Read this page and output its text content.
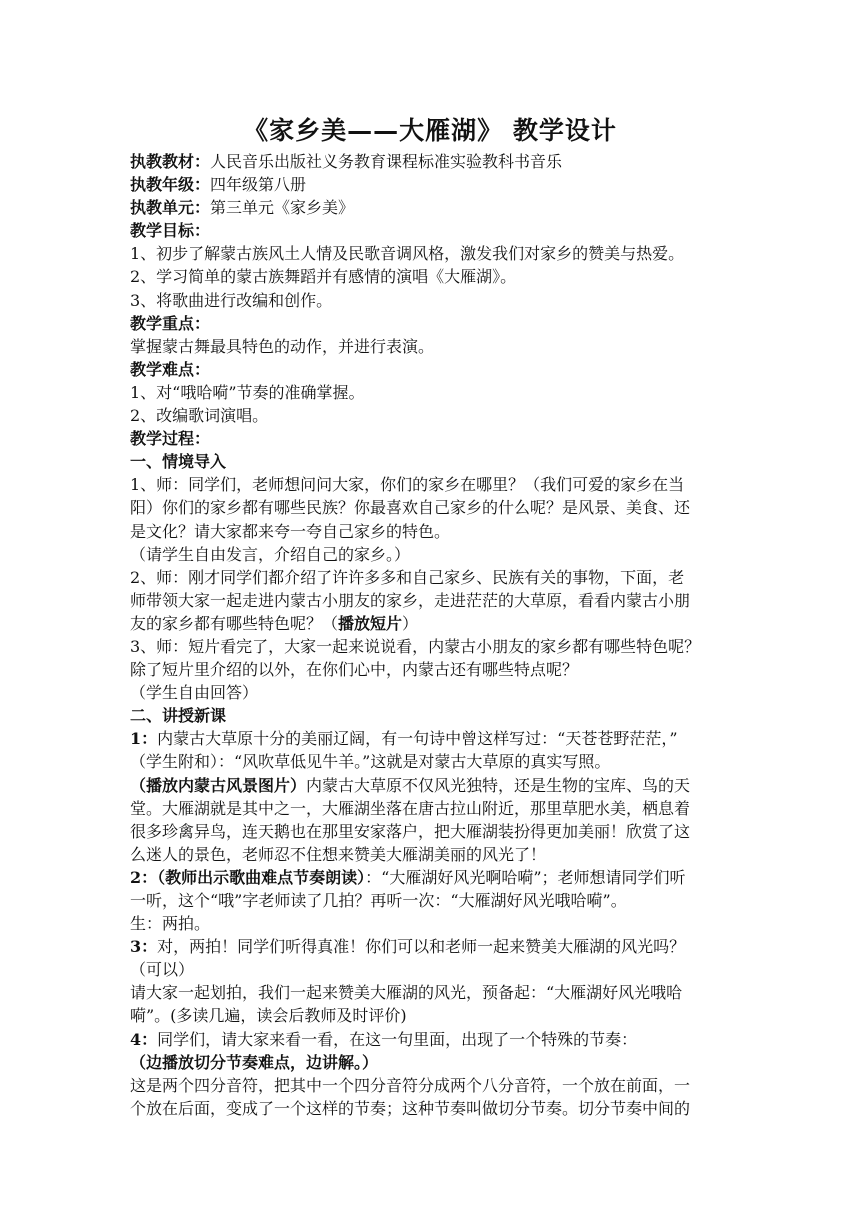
《家乡美——大雁湖》 教学设计
执教教材：人民音乐出版社义务教育课程标准实验教科书音乐
执教年级：四年级第八册
执教单元：第三单元《家乡美》
教学目标：
1、初步了解蒙古族风土人情及民歌音调风格，激发我们对家乡的赞美与热爱。
2、学习简单的蒙古族舞蹈并有感情的演唱《大雁湖》。
3、将歌曲进行改编和创作。
教学重点：
掌握蒙古舞最具特色的动作，并进行表演。
教学难点：
1、对“哦哈嗬”节奏的准确掌握。
2、改编歌词演唱。
教学过程：
一、情境导入
1、师：同学们，老师想问问大家，你们的家乡在哪里？（我们可爱的家乡在当
阳）你们的家乡都有哪些民族？你最喜欢自己家乡的什么呢？是风景、美食、还
是文化？请大家都来夸一夸自己家乡的特色。
（请学生自由发言，介绍自己的家乡。）
2、师：刚才同学们都介绍了许许多多和自己家乡、民族有关的事物，下面，老
师带领大家一起走进内蒙古小朋友的家乡，走进茫茫的大草原，看看内蒙古小朋
友的家乡都有哪些特色呢？（播放短片）
3、师：短片看完了，大家一起来说说看，内蒙古小朋友的家乡都有哪些特色呢？
除了短片里介绍的以外，在你们心中，内蒙古还有哪些特点呢？
（学生自由回答）
二、讲授新课
1：内蒙古大草原十分的美丽辽阔，有一句诗中曾这样写过：“天苍苍野茫茫，”
（学生附和）：“风吹草低见牛羊。”这就是对蒙古大草原的真实写照。
（播放内蒙古风景图片）内蒙古大草原不仅风光独特，还是生物的宝库、鸟的天
堂。大雁湖就是其中之一，大雁湖坐落在唐古拉山附近，那里草肥水美，栖息着
很多珍禽异鸟，连天鹅也在那里安家落户，把大雁湖装扮得更加美丽！欣赏了这
么迷人的景色，老师忍不住想来赞美大雁湖美丽的风光了！
2：（教师出示歌曲难点节奏朗读）：“大雁湖好风光啊哈嗬”；老师想请同学们听
一听，这个“哦”字老师读了几拍？再听一次：“大雁湖好风光哦哈嗬”。
生：两拍。
3：对，两拍！同学们听得真准！你们可以和老师一起来赞美大雁湖的风光吗？
（可以）
请大家一起划拍，我们一起来赞美大雁湖的风光，预备起：“大雁湖好风光哦哈
嗬”。(多读几遍，读会后教师及时评价)
4：同学们，请大家来看一看，在这一句里面，出现了一个特殊的节奏：
（边播放切分节奏难点，边讲解。）
这是两个四分音符，把其中一个四分音符分成两个八分音符，一个放在前面，一
个放在后面，变成了一个这样的节奏；这种节奏叫做切分节奏。切分节奏中间的
